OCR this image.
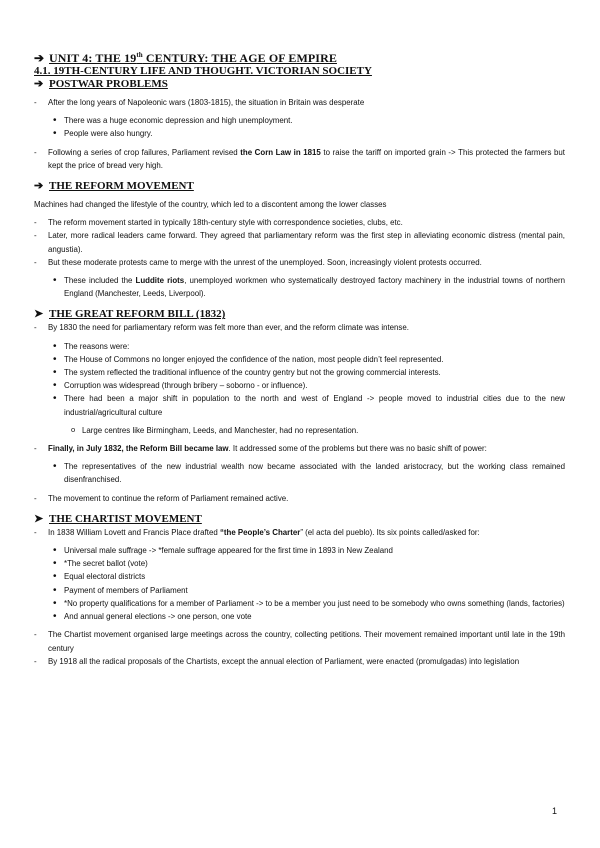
➔ UNIT 4: THE 19th CENTURY: THE AGE OF EMPIRE
4.1. 19TH-CENTURY LIFE AND THOUGHT. VICTORIAN SOCIETY
➔ POSTWAR PROBLEMS

- After the long years of Napoleonic wars (1803-1815), the situation in Britain was desperate

• There was a huge economic depression and high unemployment.

• People were also hungry.

- Following a series of crop failures, Parliament revised the Corn Law in 1815 to raise the tariff on imported grain -> This protected the farmers but kept the price of bread very high.

➔ THE REFORM MOVEMENT

Machines had changed the lifestyle of the country, which led to a discontent among the lower classes

- The reform movement started in typically 18th-century style with correspondence societies, clubs, etc.

- Later, more radical leaders came forward. They agreed that parliamentary reform was the first step in alleviating economic distress (mental pain, angustia).

- But these moderate protests came to merge with the unrest of the unemployed. Soon, increasingly violent protests occurred.

• These included the Luddite riots, unemployed workmen who systematically destroyed factory machinery in the industrial towns of northern England (Manchester, Leeds, Liverpool).

➤ THE GREAT REFORM BILL (1832)

- By 1830 the need for parliamentary reform was felt more than ever, and the reform climate was intense.

• The reasons were:

• The House of Commons no longer enjoyed the confidence of the nation, most people didn’t feel represented.

• The system reflected the traditional influence of the country gentry but not the growing commercial interests.

• Corruption was widespread (through bribery – soborno - or influence).

• There had been a major shift in population to the north and west of England -> people moved to industrial cities due to the new industrial/agricultural culture

o Large centres like Birmingham, Leeds, and Manchester, had no representation.

- Finally, in July 1832, the Reform Bill became law. It addressed some of the problems but there was no basic shift of power:

• The representatives of the new industrial wealth now became associated with the landed aristocracy, but the working class remained disenfranchised.

- The movement to continue the reform of Parliament remained active.

➤ THE CHARTIST MOVEMENT

- In 1838 William Lovett and Francis Place drafted “the People’s Charter” (el acta del pueblo). Its six points called/asked for:

• Universal male suffrage -> *female suffrage appeared for the first time in 1893 in New Zealand

• *The secret ballot (vote)

• Equal electoral districts

• Payment of members of Parliament

• *No property qualifications for a member of Parliament -> to be a member you just need to be somebody who owns something (lands, factories)

• And annual general elections -> one person, one vote

- The Chartist movement organised large meetings across the country, collecting petitions. Their movement remained important until late in the 19th century

- By 1918 all the radical proposals of the Chartists, except the annual election of Parliament, were enacted (promulgadas) into legislation

1
